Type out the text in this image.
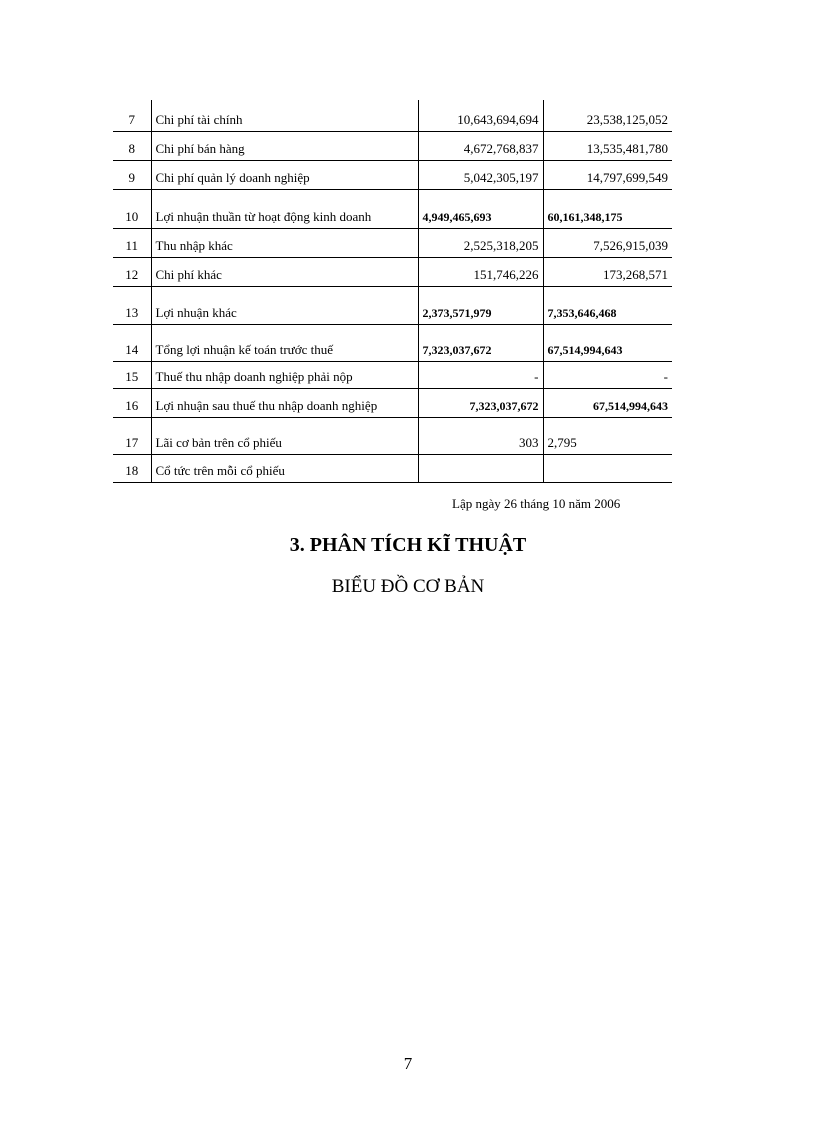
7	Chi phí tài chính	10,643,694,694	23,538,125,052
8	Chi phí bán hàng	4,672,768,837	13,535,481,780
9	Chi phí quản lý doanh nghiệp	5,042,305,197	14,797,699,549
10	Lợi nhuận thuần từ hoạt động kinh doanh	4,949,465,693	60,161,348,175
11	Thu nhập khác	2,525,318,205	7,526,915,039
12	Chi phí khác	151,746,226	173,268,571
13	Lợi nhuận khác	2,373,571,979	7,353,646,468
14	Tổng lợi nhuận kế toán trước thuế	7,323,037,672	67,514,994,643
15	Thuế thu nhập doanh nghiệp phải nộp	-	-
16	Lợi nhuận sau thuế thu nhập doanh nghiệp	7,323,037,672	67,514,994,643
17	Lãi cơ bản trên cổ phiếu	303	2,795
18	Cổ tức trên mỗi cổ phiếu		
Lập ngày 26 tháng 10 năm 2006
3. PHÂN TÍCH KĨ THUẬT
BIỂU ĐỒ CƠ BẢN
7
